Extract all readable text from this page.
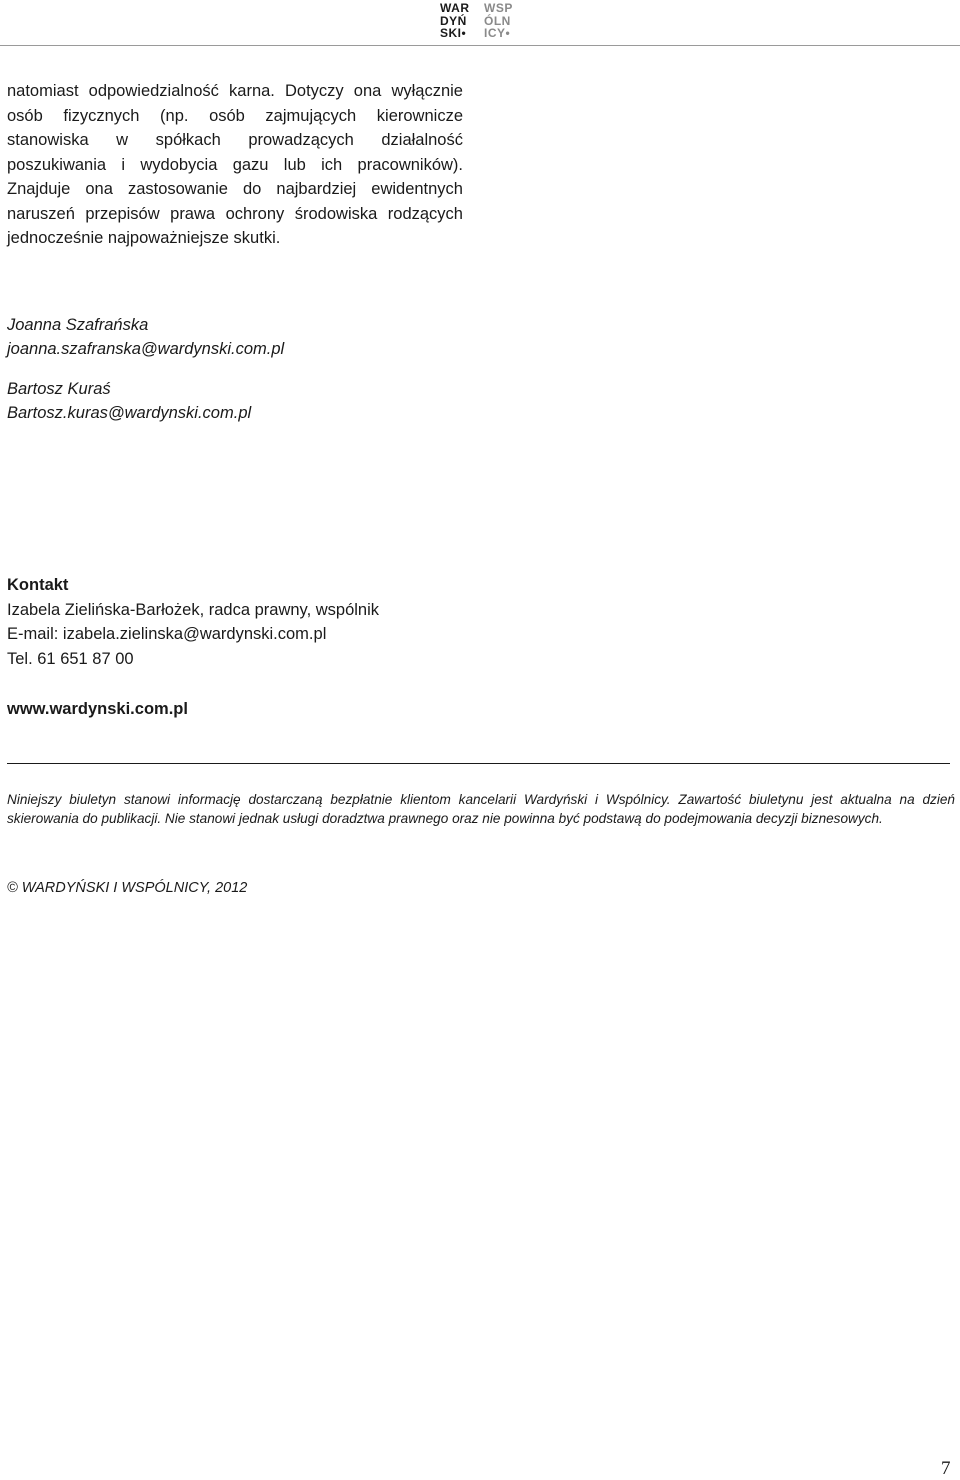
WAR
DYŃ
SKI•
WSP
ÓLN
ICY•
natomiast odpowiedzialność karna. Dotyczy ona wyłącznie osób fizycznych (np. osób zajmujących kierownicze stanowiska w spółkach prowadzących działalność poszukiwania i wydobycia gazu lub ich pracowników). Znajduje ona zastosowanie do najbardziej ewidentnych naruszeń przepisów prawa ochrony środowiska rodzących jednocześnie najpoważniejsze skutki.
Joanna Szafrańska
joanna.szafranska@wardynski.com.pl
Bartosz Kuraś
Bartosz.kuras@wardynski.com.pl
Kontakt
Izabela Zielińska-Barłożek, radca prawny, wspólnik
E-mail: izabela.zielinska@wardynski.com.pl
Tel. 61 651 87 00
www.wardynski.com.pl
Niniejszy biuletyn stanowi informację dostarczaną bezpłatnie klientom kancelarii Wardyński i Wspólnicy. Zawartość biuletynu jest aktualna na dzień skierowania do publikacji. Nie stanowi jednak usługi doradztwa prawnego oraz nie powinna być podstawą do podejmowania decyzji biznesowych.
© WARDYŃSKI I WSPÓLNICY, 2012
7
